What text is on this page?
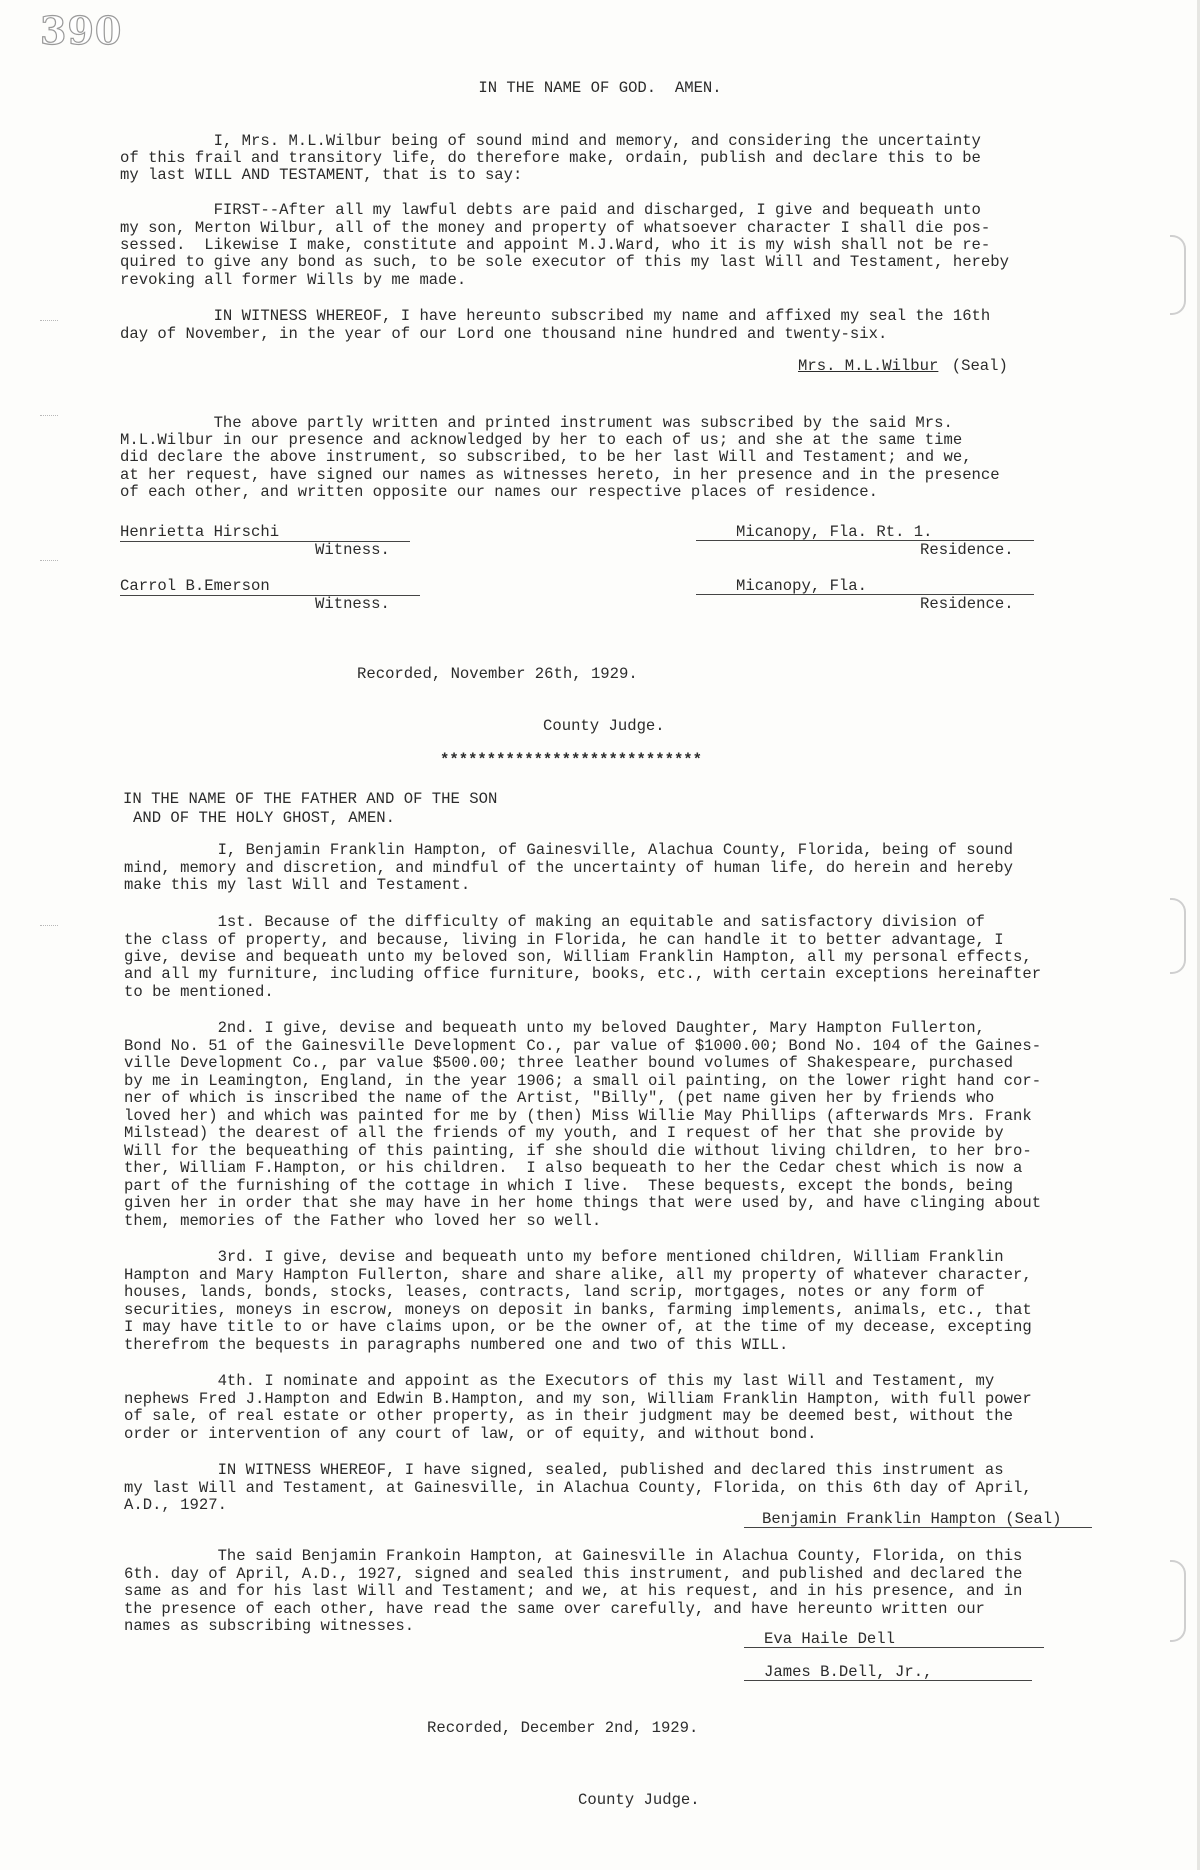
390
IN THE NAME OF GOD.  AMEN.
I, Mrs. M.L.Wilbur being of sound mind and memory, and considering the uncertainty
of this frail and transitory life, do therefore make, ordain, publish and declare this to be
my last WILL AND TESTAMENT, that is to say:
FIRST--After all my lawful debts are paid and discharged, I give and bequeath unto
my son, Merton Wilbur, all of the money and property of whatsoever character I shall die pos-
sessed.  Likewise I make, constitute and appoint M.J.Ward, who it is my wish shall not be re-
quired to give any bond as such, to be sole executor of this my last Will and Testament, hereby
revoking all former Wills by me made.
IN WITNESS WHEREOF, I have hereunto subscribed my name and affixed my seal the 16th
day of November, in the year of our Lord one thousand nine hundred and twenty-six.
Mrs. M.L.Wilbur (Seal)
The above partly written and printed instrument was subscribed by the said Mrs.
M.L.Wilbur in our presence and acknowledged by her to each of us; and she at the same time
did declare the above instrument, so subscribed, to be her last Will and Testament; and we,
at her request, have signed our names as witnesses hereto, in her presence and in the presence
of each other, and written opposite our names our respective places of residence.
Henrietta Hirschi
Witness.
Micanopy, Fla. Rt. 1.
Residence.
Carrol B.Emerson
Witness.
Micanopy, Fla.
Residence.
Recorded, November 26th, 1929.
County Judge.
****************************
IN THE NAME OF THE FATHER AND OF THE SON
AND OF THE HOLY GHOST, AMEN.
I, Benjamin Franklin Hampton, of Gainesville, Alachua County, Florida, being of sound
mind, memory and discretion, and mindful of the uncertainty of human life, do herein and hereby
make this my last Will and Testament.
1st. Because of the difficulty of making an equitable and satisfactory division of
the class of property, and because, living in Florida, he can handle it to better advantage, I
give, devise and bequeath unto my beloved son, William Franklin Hampton, all my personal effects,
and all my furniture, including office furniture, books, etc., with certain exceptions hereinafter
to be mentioned.
2nd. I give, devise and bequeath unto my beloved Daughter, Mary Hampton Fullerton,
Bond No. 51 of the Gainesville Development Co., par value of $1000.00; Bond No. 104 of the Gaines-
ville Development Co., par value $500.00; three leather bound volumes of Shakespeare, purchased
by me in Leamington, England, in the year 1906; a small oil painting, on the lower right hand cor-
ner of which is inscribed the name of the Artist, "Billy", (pet name given her by friends who
loved her) and which was painted for me by (then) Miss Willie May Phillips (afterwards Mrs. Frank
Milstead) the dearest of all the friends of my youth, and I request of her that she provide by
Will for the bequeathing of this painting, if she should die without living children, to her bro-
ther, William F.Hampton, or his children.  I also bequeath to her the Cedar chest which is now a
part of the furnishing of the cottage in which I live.  These bequests, except the bonds, being
given her in order that she may have in her home things that were used by, and have clinging about
them, memories of the Father who loved her so well.
3rd. I give, devise and bequeath unto my before mentioned children, William Franklin
Hampton and Mary Hampton Fullerton, share and share alike, all my property of whatever character,
houses, lands, bonds, stocks, leases, contracts, land scrip, mortgages, notes or any form of
securities, moneys in escrow, moneys on deposit in banks, farming implements, animals, etc., that
I may have title to or have claims upon, or be the owner of, at the time of my decease, excepting
therefrom the bequests in paragraphs numbered one and two of this WILL.
4th. I nominate and appoint as the Executors of this my last Will and Testament, my
nephews Fred J.Hampton and Edwin B.Hampton, and my son, William Franklin Hampton, with full power
of sale, of real estate or other property, as in their judgment may be deemed best, without the
order or intervention of any court of law, or of equity, and without bond.
IN WITNESS WHEREOF, I have signed, sealed, published and declared this instrument as
my last Will and Testament, at Gainesville, in Alachua County, Florida, on this 6th day of April,
A.D., 1927.
Benjamin Franklin Hampton (Seal)
The said Benjamin Frankoin Hampton, at Gainesville in Alachua County, Florida, on this
6th. day of April, A.D., 1927, signed and sealed this instrument, and published and declared the
same as and for his last Will and Testament; and we, at his request, and in his presence, and in
the presence of each other, have read the same over carefully, and have hereunto written our
names as subscribing witnesses.
Eva Haile Dell
James B.Dell, Jr.,
Recorded, December 2nd, 1929.
County Judge.
